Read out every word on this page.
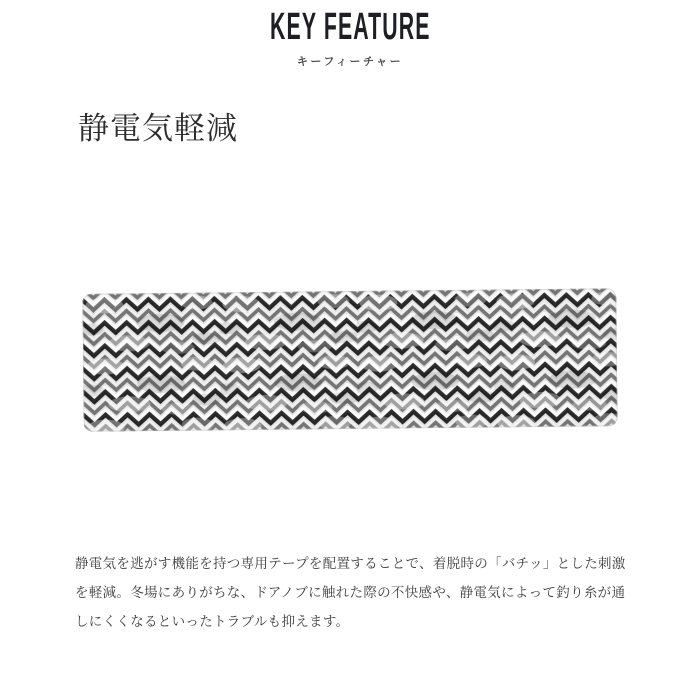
KEY FEATURE
キーフィーチャー
静電気軽減

静電気を逃がす機能を持つ専用テープを配置することで、着脱時の「バチッ」とした刺激を軽減。冬場にありがちな、ドアノブに触れた際の不快感や、静電気によって釣り糸が通しにくくなるといったトラブルも抑えます。
